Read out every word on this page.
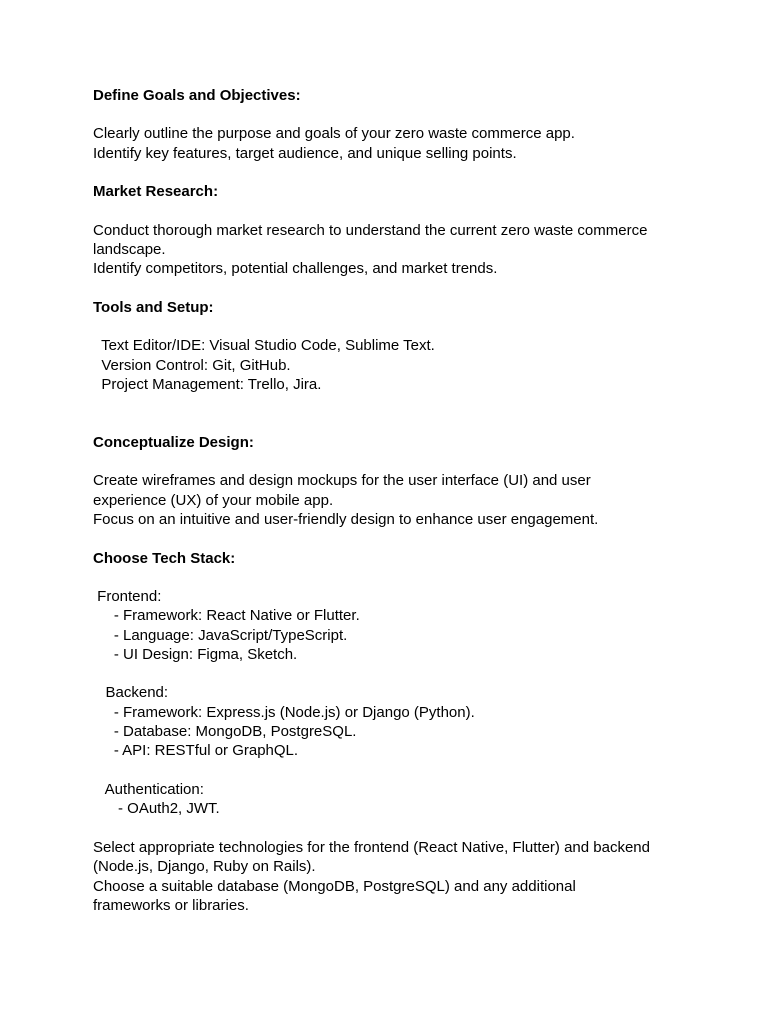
Define Goals and Objectives:

Clearly outline the purpose and goals of your zero waste commerce app.

Identify key features, target audience, and unique selling points.

Market Research:

Conduct thorough market research to understand the current zero waste commerce

landscape.

Identify competitors, potential challenges, and market trends.

Tools and Setup:

Text Editor/IDE: Visual Studio Code, Sublime Text.

Version Control: Git, GitHub.

Project Management: Trello, Jira.

Conceptualize Design:

Create wireframes and design mockups for the user interface (UI) and user

experience (UX) of your mobile app.

Focus on an intuitive and user-friendly design to enhance user engagement.

Choose Tech Stack:

Frontend:

- Framework: React Native or Flutter.

- Language: JavaScript/TypeScript.

- UI Design: Figma, Sketch.

Backend:

- Framework: Express.js (Node.js) or Django (Python).

- Database: MongoDB, PostgreSQL.

- API: RESTful or GraphQL.

Authentication:

- OAuth2, JWT.

Select appropriate technologies for the frontend (React Native, Flutter) and backend

(Node.js, Django, Ruby on Rails).

Choose a suitable database (MongoDB, PostgreSQL) and any additional

frameworks or libraries.
